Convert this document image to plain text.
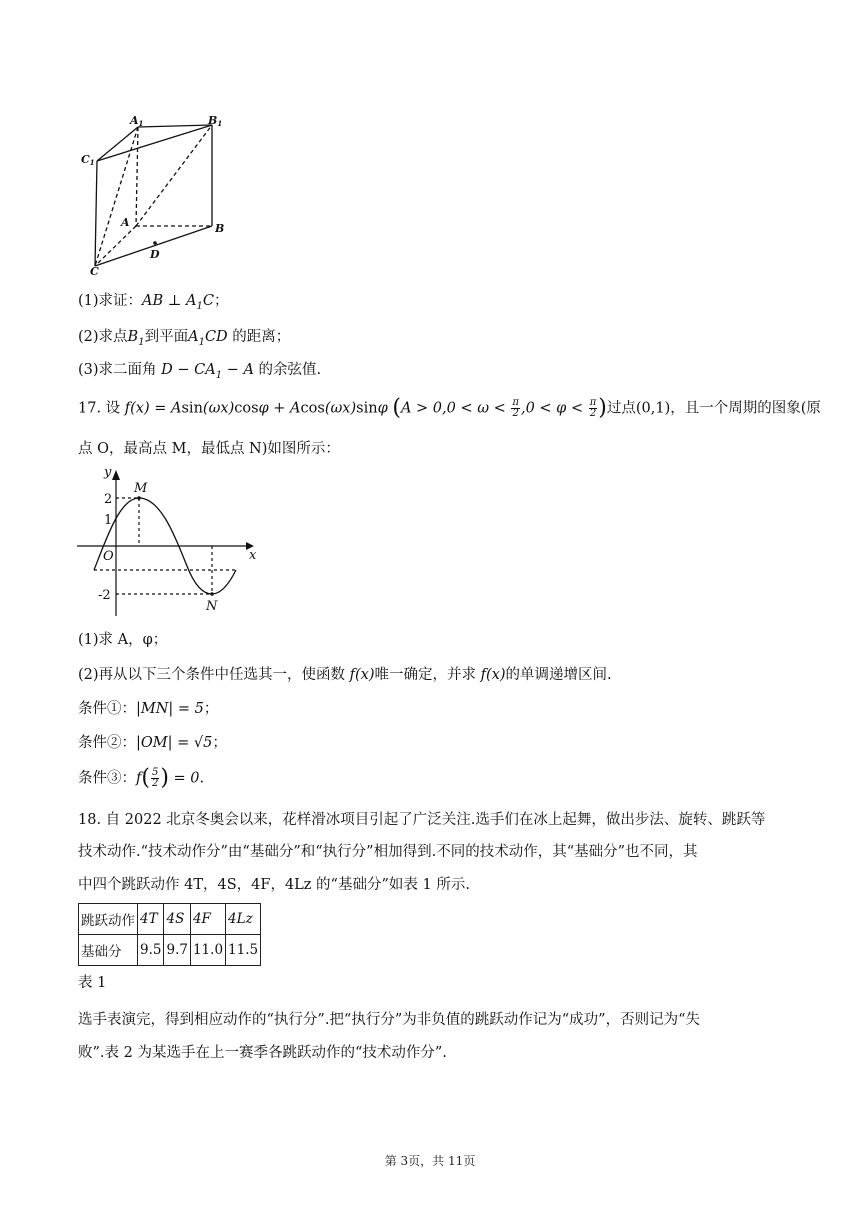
A1	B1
C1
A	B
C
D
(1)求证：AB ⊥ $A_1C$；
(2)求点$B_1$到平面$A_1CD$ 的距离；
(3)求二面角 $D - CA_1 - A$ 的余弦值.
17. 设 f(x) = Asin(ωx)cosφ + Acos(ωx)sinφ ($A > 0,0 < \omega < \frac{\pi}{2} ,0 < \varphi < \frac{\pi}{2}$ )过点(0,1)，且一个周期的图象(原
点 O，最高点 M，最低点 N)如图所示：
y
x
O
M
N
2
1
-2
(1)求 A，φ；
(2)再从以下三个条件中任选其一，使函数 f(x)唯一确定，并求 f(x)的单调递增区间.
条件①：|MN| = 5；
条件②：|OM| = √5；
条件③：$f( \frac{5}{2}$ ) = 0.
18. 自 2022 北京冬奥会以来，花样滑冰项目引起了广泛关注.选手们在冰上起舞，做出步法、旋转、跳跃等
技术动作.“技术动作分”由“基础分”和“执行分”相加得到.不同的技术动作，其“基础分”也不同，其
中四个跳跃动作 4T，4S，4F，4Lz 的“基础分”如表 1 所示.
跳跃动作	4T	4S	4F	4Lz
基础分	9.5	9.7	11.0	11.5
表 1
选手表演完，得到相应动作的“执行分”.把“执行分”为非负值的跳跃动作记为“成功”，否则记为“失
败”.表 2 为某选手在上一赛季各跳跃动作的“技术动作分”.
第 3页，共 11页
